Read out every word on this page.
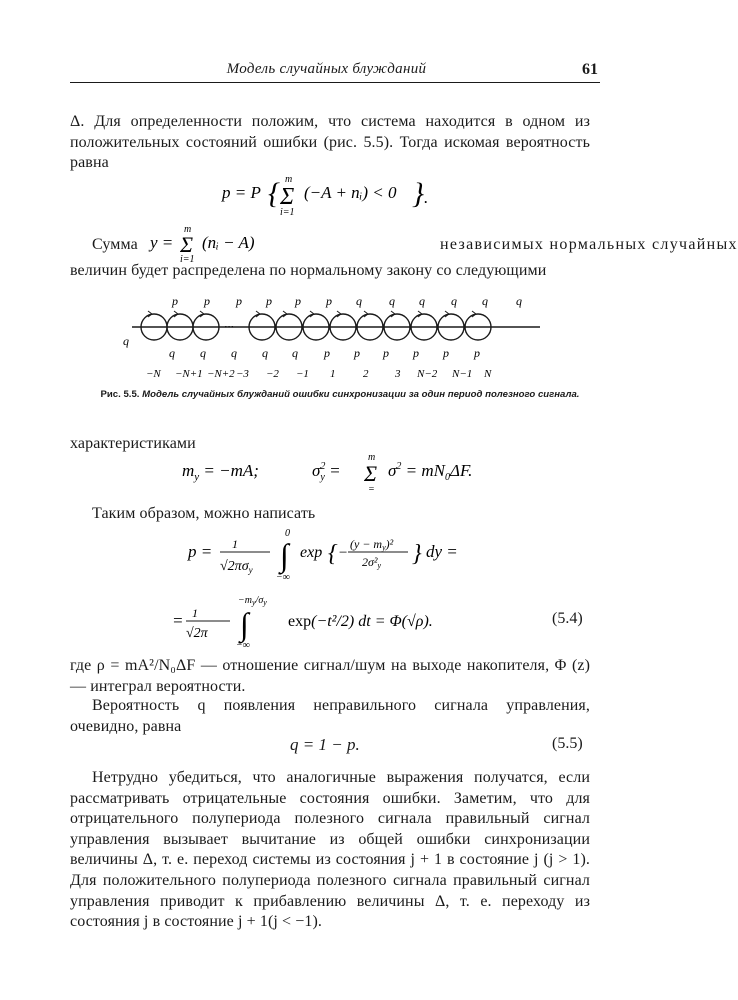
Модель случайных блужданий	61
Δ. Для определенности положим, что система находится в одном из положительных состояний ошибки (рис. 5.5). Тогда искомая вероятность равна
p = P { Σ
m
i=1
(−A + nᵢ) < 0 } .
Сумма	независимых нормальных случайных
y = Σ
m
i=1
(nᵢ − A)
величин будет распределена по нормальному закону со следующими
p p p p p p q q q q q q
q q q q q p p p p p p
−N −N+1 −N+2 −3 −2 −1 1	2 3 N−2 N−1 N
q
···
Рис. 5.5. Модель случайных блужданий ошибки синхронизации за один период полезного сигнала.
характеристиками
$m_y = -mA$;	$\sigma^2$ y = Σ
m
=
$\sigma^2 = mN_0\Delta F$.
Таким образом, можно написать
p = 1
$√2\pi\sigma_y$ ∫
0
−∞
exp { −
(y − my)²
2σ²y } dy =
= 1
√2π ∫
$-m_y/\sigma_y$
−∞
exp(−t²/2) dt = Φ(√ρ).	(5.4)
где ρ = mA²/N₀ΔF — отношение сигнал/шум на выходе накопителя, Φ (z) — интеграл вероятности.
Вероятность q появления неправильного сигнала управления, очевидно, равна
q = 1 − p.	(5.5)
Нетрудно убедиться, что аналогичные выражения получатся, если рассматривать отрицательные состояния ошибки. Заметим, что для отрицательного полупериода полезного сигнала правильный сигнал управления вызывает вычитание из общей ошибки синхронизации величины Δ, т. е. переход системы из состояния j + 1 в состояние j (j > 1). Для положительного полупериода полезного сигнала правильный сигнал управления приводит к прибавлению величины Δ, т. е. переходу из состояния j в состояние j + 1(j < −1).
